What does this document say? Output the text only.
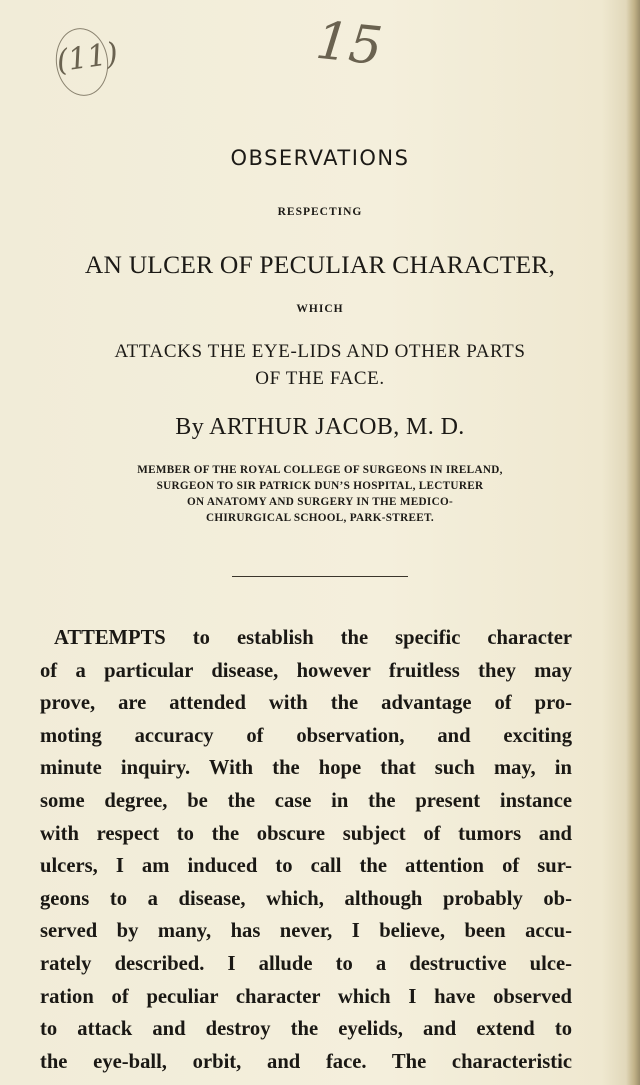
(11)	15
OBSERVATIONS
RESPECTING
AN ULCER OF PECULIAR CHARACTER,
WHICH
ATTACKS THE EYE-LIDS AND OTHER PARTS
OF THE FACE.
By ARTHUR JACOB, M. D.
MEMBER OF THE ROYAL COLLEGE OF SURGEONS IN IRELAND,
SURGEON TO SIR PATRICK DUN’S HOSPITAL, LECTURER
ON ANATOMY AND SURGERY IN THE MEDICO-
CHIRURGICAL SCHOOL, PARK-STREET.
ATTEMPTS to establish the specific character
of a particular disease, however fruitless they may
prove, are attended with the advantage of pro-
moting accuracy of observation, and exciting
minute inquiry. With the hope that such may, in
some degree, be the case in the present instance
with respect to the obscure subject of tumors and
ulcers, I am induced to call the attention of sur-
geons to a disease, which, although probably ob-
served by many, has never, I believe, been accu-
rately described. I allude to a destructive ulce-
ration of peculiar character which I have observed
to attack and destroy the eyelids, and extend to
the eye-ball, orbit, and face. The characteristic
